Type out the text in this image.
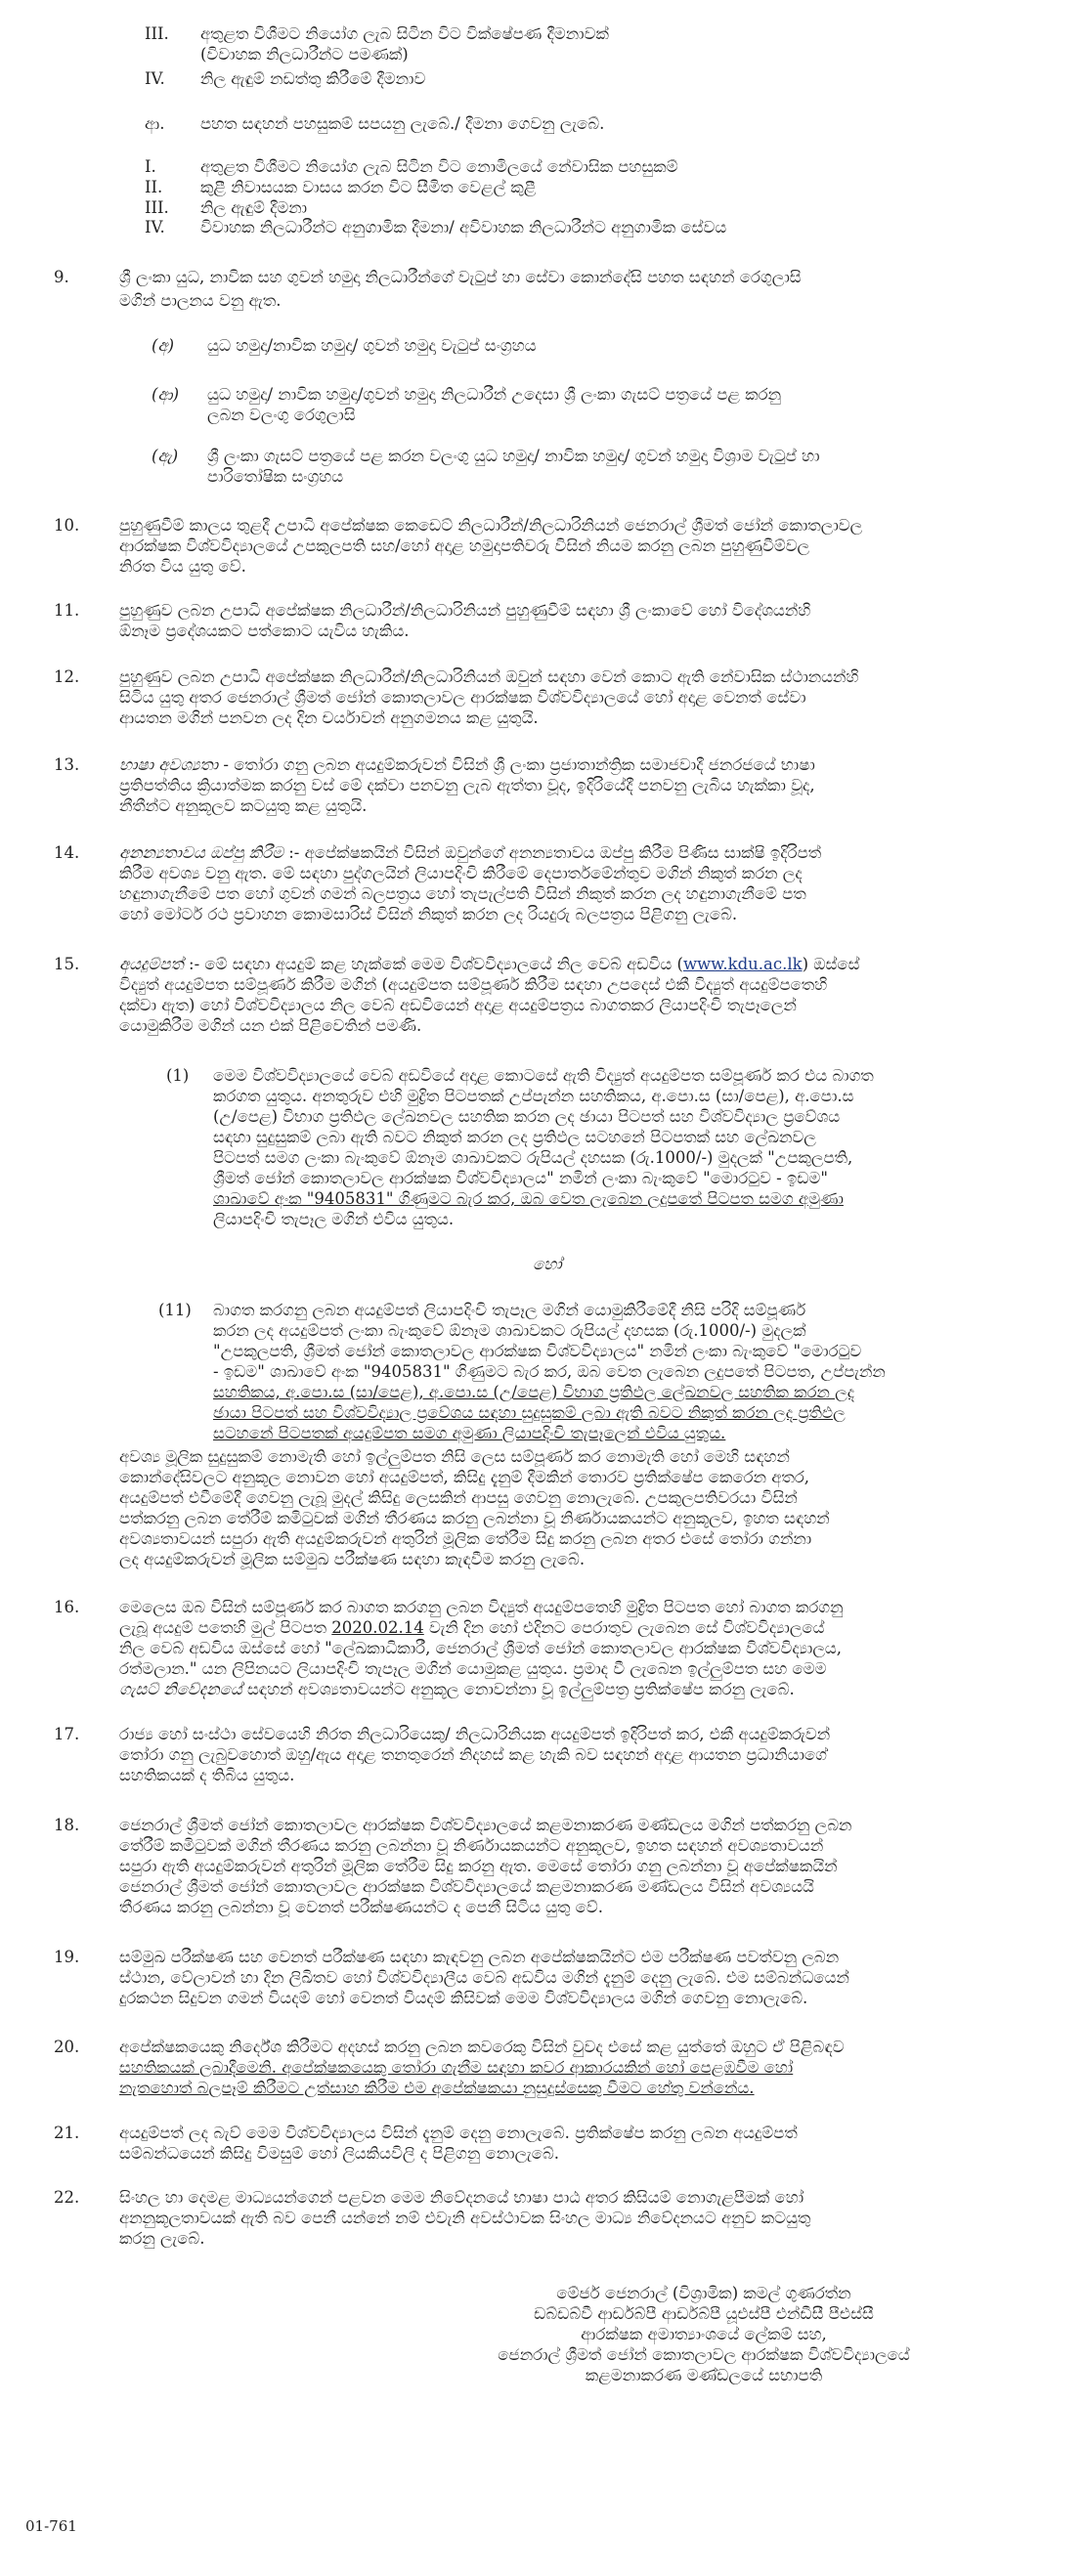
III. අතුළත විශීමට නියෝග ලැබ සිටින විට වික්ෂේපණ දීමනාවක්
(විවාහක නිලධාරීන්ට පමණක්)
IV. නිල ඇඳුම් නඩත්තු කිරීමේ දීමනාව
ආ. පහත සඳහන් පහසුකම් සපයනු ලැබේ./ දීමනා ගෙවනු ලැබේ.
I.	අතුළත විශීමට නියෝග ලැබ සිටින විට නොමිලයේ නේවාසික පහසුකම්
II. කුළී නිවාසයක වාසය කරන විට සීමිත වෙළල් කුළී
III. නිල ඇඳුම් දීමනා
IV. විවාහක නිලධාරීන්ට අනුගාමික දීමනා/ අවිවාහක නිලධාරීන්ට අනුගාමික සේවය
9.	ශ්‍රී ලංකා යුධ, නාවික සහ ගුවන් හමුදා නිලධාරීන්ගේ වැටුප් හා සේවා කොන්දේසි පහත සඳහන් රෙගුලාසි
මගින් පාලනය වනු ඇත.
(අ) යුධ හමුදා/නාවික හමුදා/ ගුවන් හමුදා වැටුප් සංග්‍රහය
(ආ) යුධ හමුදා/ නාවික හමුදා/ගුවන් හමුදා නිලධාරීන් උදෙසා ශ්‍රී ලංකා ගැසට් පත්‍රයේ පළ කරනු
ලබන වලංගු රෙගුලාසි
(ඇ) ශ්‍රී ලංකා ගැසට් පත්‍රයේ පළ කරන වලංගු යුධ හමුදා/ නාවික හමුදා/ ගුවන් හමුදා විශ්‍රාම වැටුප් හා
පාරිතෝෂික සංග්‍රහය
10. පුහුණුවීම් කාලය තුළදී උපාධි අපේක්ෂක කෙඩෙට් නිලධාරීන්/නිලධාරිනියන් ජෙනරාල් ශ්‍රීමත් ජෝන් කොතලාවල
ආරක්ෂක විශ්වවිද්‍යාලයේ උපකුලපති සහ/හෝ අදාළ හමුදාපතිවරු විසින් නියම කරනු ලබන පුහුණුවීම්වල
නිරත විය යුතු වේ.
11. පුහුණුව ලබන උපාධි අපේක්ෂක නිලධාරීන්/නිලධාරිනියන් පුහුණුවීම් සඳහා ශ්‍රී ලංකාවේ හෝ විදේශයන්හි
ඕනෑම ප්‍රදේශයකට පත්කොට යැවිය හැකිය.
12. පුහුණුව ලබන උපාධි අපේක්ෂක නිලධාරීන්/නිලධාරිනියන් ඔවුන් සඳහා වෙන් කොට ඇති නේවාසික ස්ථානයන්හි
සිටිය යුතු අතර ජෙනරාල් ශ්‍රීමත් ජෝන් කොතලාවල ආරක්ෂක විශ්වවිද්‍යාලයේ හෝ අදාළ වෙනත් සේවා
ආයතන මගින් පනවන ලද දින චර්යාවන් අනුගමනය කළ යුතුයි.
13. භාෂා අවශ්‍යතා - තෝරා ගනු ලබන අයදුම්කරුවන් විසින් ශ්‍රී ලංකා ප්‍රජාතාන්ත්‍රික සමාජවාදී ජනරජයේ භාෂා
ප්‍රතිපත්තිය ක්‍රියාත්මක කරනු වස් මේ දක්වා පනවනු ලැබ ඇත්තා වූද, ඉදිරියේදී පනවනු ලැබිය හැක්කා වූද,
නීතීන්ට අනුකූලව කටයුතු කළ යුතුයි.
14. අනන්‍යතාවය ඔප්පු කිරීම :- අපේක්ෂකයින් විසින් ඔවුන්ගේ අනන්‍යතාවය ඔප්පු කිරීම පිණිස සාක්ෂි ඉදිරිපත්
කිරීම අවශ්‍ය වනු ඇත. මේ සඳහා පුද්ගලයින් ලියාපදිංචි කිරීමේ දෙපාර්තමේන්තුව මගින් නිකුත් කරන ලද
හඳුනාගැනීමේ පත හෝ ගුවන් ගමන් බලපත්‍රය හෝ තැපැල්පති විසින් නිකුත් කරන ලද හඳුනාගැනීමේ පත
හෝ මෝටර් රථ ප්‍රවාහන කොමසාරිස් විසින් නිකුත් කරන ලද රියදුරු බලපත්‍රය පිළිගනු ලැබේ.
15. අයදුම්පත් :- මේ සඳහා අයදුම් කළ හැක්කේ මෙම විශ්වවිද්‍යාලයේ නිල වෙබ් අඩවිය (www.kdu.ac.lk) ඔස්සේ
විද්‍යුත් අයදුම්පත සම්පූර්ණ කිරීම මගින් (අයදුම්පත සම්පූර්ණ කිරීම සඳහා උපදෙස් එකී විද්‍යුත් අයදුම්පතෙහි
දක්වා ඇත) හෝ විශ්වවිද්‍යාලය නිල වෙබ් අඩවියෙන් අදාළ අයදුම්පත්‍රය බාගතකර ලියාපදිංචි තැපෑලෙන්
යොමුකිරීම මගින් යන එක් පිළිවෙතින් පමණි.
(1) මෙම විශ්වවිද්‍යාලයේ වෙබ් අඩවියේ අදාළ කොටසේ ඇති විද්‍යුත් අයදුම්පත සම්පූර්ණ කර එය බාගත
කරගත යුතුය. අනතුරුව එහි මුද්‍රිත පිටපතක් උප්පැන්න සහතිකය, අ.පො.ස (සා/පෙළ), අ.පො.ස
(උ/පෙළ) විභාග ප්‍රතිඵල ලේඛනවල සහතික කරන ලද ඡායා පිටපත් සහ විශ්වවිද්‍යාල ප්‍රවේශය
සඳහා සුදුසුකම් ලබා ඇති බවට නිකුත් කරන ලද ප්‍රතිඵල සටහනේ පිටපතක් සහ ලේඛනවල
පිටපත් සමග ලංකා බැංකුවේ ඕනෑම ශාඛාවකට රුපියල් දහසක (රු.1000/-) මුදලක් "උපකුලපති,
ශ්‍රීමත් ජෝන් කොතලාවල ආරක්ෂක විශ්වවිද්‍යාලය" නමින් ලංකා බැංකුවේ "මොරටුව - ඉඩම"
ශාඛාවේ අංක "9405831" ගිණුමට බැර කර, ඔබ වෙත ලැබෙන ලදුපතේ පිටපත සමග අමුණා
ලියාපදිංචි තැපෑල මගින් එවිය යුතුය.
හෝ
(11) බාගත කරගනු ලබන අයදුම්පත් ලියාපදිංචි තැපෑල මගින් යොමුකිරීමේදී නිසි පරිදි සම්පූර්ණ
කරන ලද අයදුම්පත් ලංකා බැංකුවේ ඕනෑම ශාඛාවකට රුපියල් දහසක (රු.1000/-) මුදලක්
"උපකුලපති, ශ්‍රීමත් ජෝන් කොතලාවල ආරක්ෂක විශ්වවිද්‍යාලය" නමින් ලංකා බැංකුවේ "මොරටුව
- ඉඩම" ශාඛාවේ අංක "9405831" ගිණුමට බැර කර, ඔබ වෙත ලැබෙන ලදුපතේ පිටපත, උප්පැන්න
සහතිකය, අ.පො.ස (සා/පෙළ), අ.පො.ස (උ/පෙළ) විභාග ප්‍රතිඵල ලේඛනවල සහතික කරන ලද
ඡායා පිටපත් සහ විශ්වවිද්‍යාල ප්‍රවේශය සඳහා සුදුසුකම් ලබා ඇති බවට නිකුත් කරන ලද ප්‍රතිඵල
සටහනේ පිටපතක් අයදුම්පත සමග අමුණා ලියාපදිංචි තැපෑලෙන් එවිය යුතුය.
අවශ්‍ය මූලික සුදුසුකම් නොමැති හෝ ඉල්ලුම්පත නිසි ලෙස සම්පූර්ණ කර නොමැති හෝ මෙහි සඳහන්
කොන්දේසිවලට අනුකූල නොවන හෝ අයදුම්පත්, කිසිදු දැනුම් දීමකින් තොරව ප්‍රතික්ෂේප කෙරෙන අතර,
අයදුම්පත් එවීමේදී ගෙවනු ලැබූ මුදල් කිසිදු ලෙසකින් ආපසු ගෙවනු නොලැබේ. උපකුලපතිවරයා විසින්
පත්කරනු ලබන තේරීම් කමිටුවක් මගින් තීරණය කරනු ලබන්නා වූ නිර්ණායකයන්ට අනුකූලව, ඉහත සඳහන්
අවශ්‍යතාවයන් සපුරා ඇති අයදුම්කරුවන් අතුරින් මූලික තේරීම සිදු කරනු ලබන අතර එසේ තෝරා ගන්නා
ලද අයදුම්කරුවන් මූලික සම්මුඛ පරීක්ෂණ සඳහා කැඳවීම කරනු ලැබේ.
16. මෙලෙස ඔබ විසින් සම්පූර්ණ කර බාගත කරගනු ලබන විද්‍යුත් අයදුම්පතෙහි මුද්‍රිත පිටපත හෝ බාගත කරගනු
ලැබූ අයදුම් පතෙහි මුල් පිටපත 2020.02.14 වැනි දින හෝ එදිනට පෙරාතුව ලැබෙන සේ විශ්වවිද්‍යාලයේ
නිල වෙබ් අඩවිය ඔස්සේ හෝ "ලේඛකාධිකාරී, ජෙනරාල් ශ්‍රීමත් ජෝන් කොතලාවල ආරක්ෂක විශ්වවිද්‍යාලය,
රත්මලාන." යන ලිපිනයට ලියාපදිංචි තැපෑල මගින් යොමුකළ යුතුය. ප්‍රමාද වී ලැබෙන ඉල්ලුම්පත සහ මෙම
ගැසට් නිවේදනයේ සඳහන් අවශ්‍යතාවයන්ට අනුකූල නොවන්නා වූ ඉල්ලුම්පත්‍ර ප්‍රතික්ෂේප කරනු ලැබේ.
17. රාජ්‍ය හෝ සංස්ථා සේවයෙහි නිරත නිලධාරියෙකු/ නිලධාරිනියක අයදුම්පත් ඉදිරිපත් කර, එකී අයදුම්කරුවන්
තෝරා ගනු ලැබුවහොත් ඔහු/ඇය අදාළ තනතුරෙන් නිදහස් කළ හැකි බව සඳහන් අදාළ ආයතන ප්‍රධානියාගේ
සහතිකයක් ද තිබිය යුතුය.
18. ජෙනරාල් ශ්‍රීමත් ජෝන් කොතලාවල ආරක්ෂක විශ්වවිද්‍යාලයේ කළමනාකරණ මණ්ඩලය මගින් පත්කරනු ලබන
තේරීම් කමිටුවක් මගින් තීරණය කරනු ලබන්නා වූ නිර්ණායකයන්ට අනුකූලව, ඉහත සඳහන් අවශ්‍යතාවයන්
සපුරා ඇති අයදුම්කරුවන් අතුරින් මූලික තේරීම සිදු කරනු ඇත. මෙසේ තෝරා ගනු ලබන්නා වූ අපේක්ෂකයින්
ජෙනරාල් ශ්‍රීමත් ජෝන් කොතලාවල ආරක්ෂක විශ්වවිද්‍යාලයේ කළමනාකරණ මණ්ඩලය විසින් අවශ්‍යයයි
තීරණය කරනු ලබන්නා වූ වෙනත් පරීක්ෂණයන්ට ද පෙනී සිටිය යුතු වේ.
19. සම්මුඛ පරීක්ෂණ සහ වෙනත් පරීක්ෂණ සඳහා කැඳවනු ලබන අපේක්ෂකයින්ට එම පරීක්ෂණ පවත්වනු ලබන
ස්ථාන, වේලාවන් හා දින ලිඛිතව හෝ විශ්වවිද්‍යාලීය වෙබ් අඩවිය මගින් දැනුම් දෙනු ලැබේ. එම සම්බන්ධයෙන්
දුරකථන සිදුවන ගමන් වියදම් හෝ වෙනත් වියදම් කිසිවක් මෙම විශ්වවිද්‍යාලය මගින් ගෙවනු නොලැබේ.
20. අපේක්ෂකයෙකු නිර්දේශ කිරීමට අදහස් කරනු ලබන කවරෙකු විසින් වුවද එසේ කළ යුත්තේ ඔහුට ඒ පිළිබඳව
සහතිකයක් ලබාදීමෙනි. අපේක්ෂකයෙකු තෝරා ගැනීම සඳහා කවර ආකාරයකින් හෝ පෙළඹවීම හෝ
නැතහොත් බලපෑම් කිරීමට උත්සාහ කිරීම එම අපේක්ෂකයා නුසුදුස්සෙකු වීමට හේතු වන්නේය.
21. අයදුම්පත් ලද බැව් මෙම විශ්වවිද්‍යාලය විසින් දැනුම් දෙනු නොලැබේ. ප්‍රතික්ෂේප කරනු ලබන අයදුම්පත්
සම්බන්ධයෙන් කිසිදු විමසුම් හෝ ලියකියවිලි ද පිළිගනු නොලැබේ.
22. සිංහල හා දෙමළ මාධ්‍යයන්ගෙන් පළවන මෙම නිවේදනයේ භාෂා පාඨ අතර කිසියම් නොගැළපීමක් හෝ
අනනුකූලතාවයක් ඇති බව පෙනී යන්නේ නම් එවැනි අවස්ථාවක සිංහල මාධ්‍ය නිවේදනයට අනුව කටයුතු
කරනු ලැබේ.
මේජර් ජෙනරාල් (විශ්‍රාමික) කමල් ගුණරත්න
ඩබ්ඩබ්වී ආර්ඩබ්පී ආර්ඩබ්පී යූඑස්පී එන්ඩීසී පීඑස්සී
ආරක්ෂක අමාත්‍යාංශයේ ලේකම් සහ,
ජෙනරාල් ශ්‍රීමත් ජෝන් කොතලාවල ආරක්ෂක විශ්වවිද්‍යාලයේ
කළමනාකරණ මණ්ඩලයේ සභාපති
01-761
